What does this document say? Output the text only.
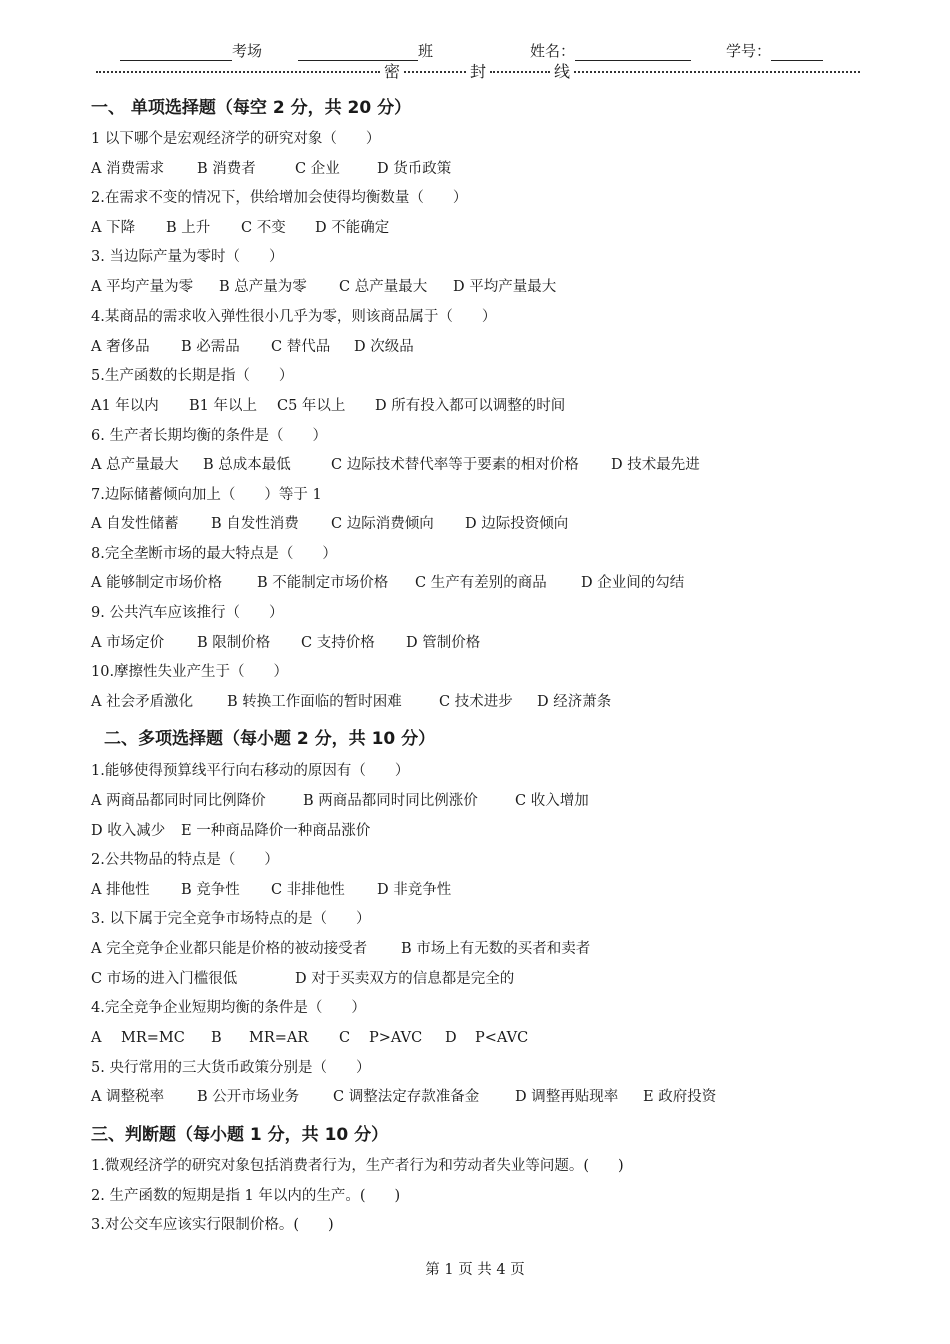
考场	班	姓名：	学号：
密	封	线
一、 单项选择题（每空 2 分，共 20 分）
1 以下哪个是宏观经济学的研究对象（　　）
A 消费需求 B 消费者	C 企业	D 货币政策
2.在需求不变的情况下，供给增加会使得均衡数量（　　）
A 下降 B 上升 C 不变 D 不能确定
3. 当边际产量为零时（　　）
A 平均产量为零 B 总产量为零 C 总产量最大 D 平均产量最大
4.某商品的需求收入弹性很小几乎为零，则该商品属于（　　）
A 奢侈品 B 必需品 C 替代品 D 次级品
5.生产函数的长期是指（　　）
A1 年以内 B1 年以上 C5 年以上 D 所有投入都可以调整的时间
6. 生产者长期均衡的条件是（　　）
A 总产量最大 B 总成本最低	C 边际技术替代率等于要素的相对价格 D 技术最先进
7.边际储蓄倾向加上（　　）等于 1
A 自发性储蓄 B 自发性消费 C 边际消费倾向 D 边际投资倾向
8.完全垄断市场的最大特点是（　　）
A 能够制定市场价格 B 不能制定市场价格 C 生产有差别的商品 D 企业间的勾结
9. 公共汽车应该推行（　　）
A 市场定价 B 限制价格 C 支持价格 D 管制价格
10.摩擦性失业产生于（　　）
A 社会矛盾激化 B 转换工作面临的暂时困难	C 技术进步 D 经济萧条
二、多项选择题（每小题 2 分，共 10 分）
1.能够使得预算线平行向右移动的原因有（　　）
A 两商品都同时同比例降价	B 两商品都同时同比例涨价	C 收入增加
D 收入减少 E 一种商品降价一种商品涨价
2.公共物品的特点是（　　）
A 排他性 B 竞争性 C 非排他性 D 非竞争性
3. 以下属于完全竞争市场特点的是（　　）
A 完全竞争企业都只能是价格的被动接受者 B 市场上有无数的买者和卖者
C 市场的进入门槛很低	D 对于买卖双方的信息都是完全的
4.完全竞争企业短期均衡的条件是（　　）
A MR=MC B MR=AR C P>AVC D P<AVC
5. 央行常用的三大货币政策分别是（　　）
A 调整税率 B 公开市场业务 C 调整法定存款准备金 D 调整再贴现率 E 政府投资
三、判断题（每小题 1 分，共 10 分）
1.微观经济学的研究对象包括消费者行为，生产者行为和劳动者失业等问题。(　　)
2. 生产函数的短期是指 1 年以内的生产。(　　)
3.对公交车应该实行限制价格。(　　)
第 1 页 共 4 页
